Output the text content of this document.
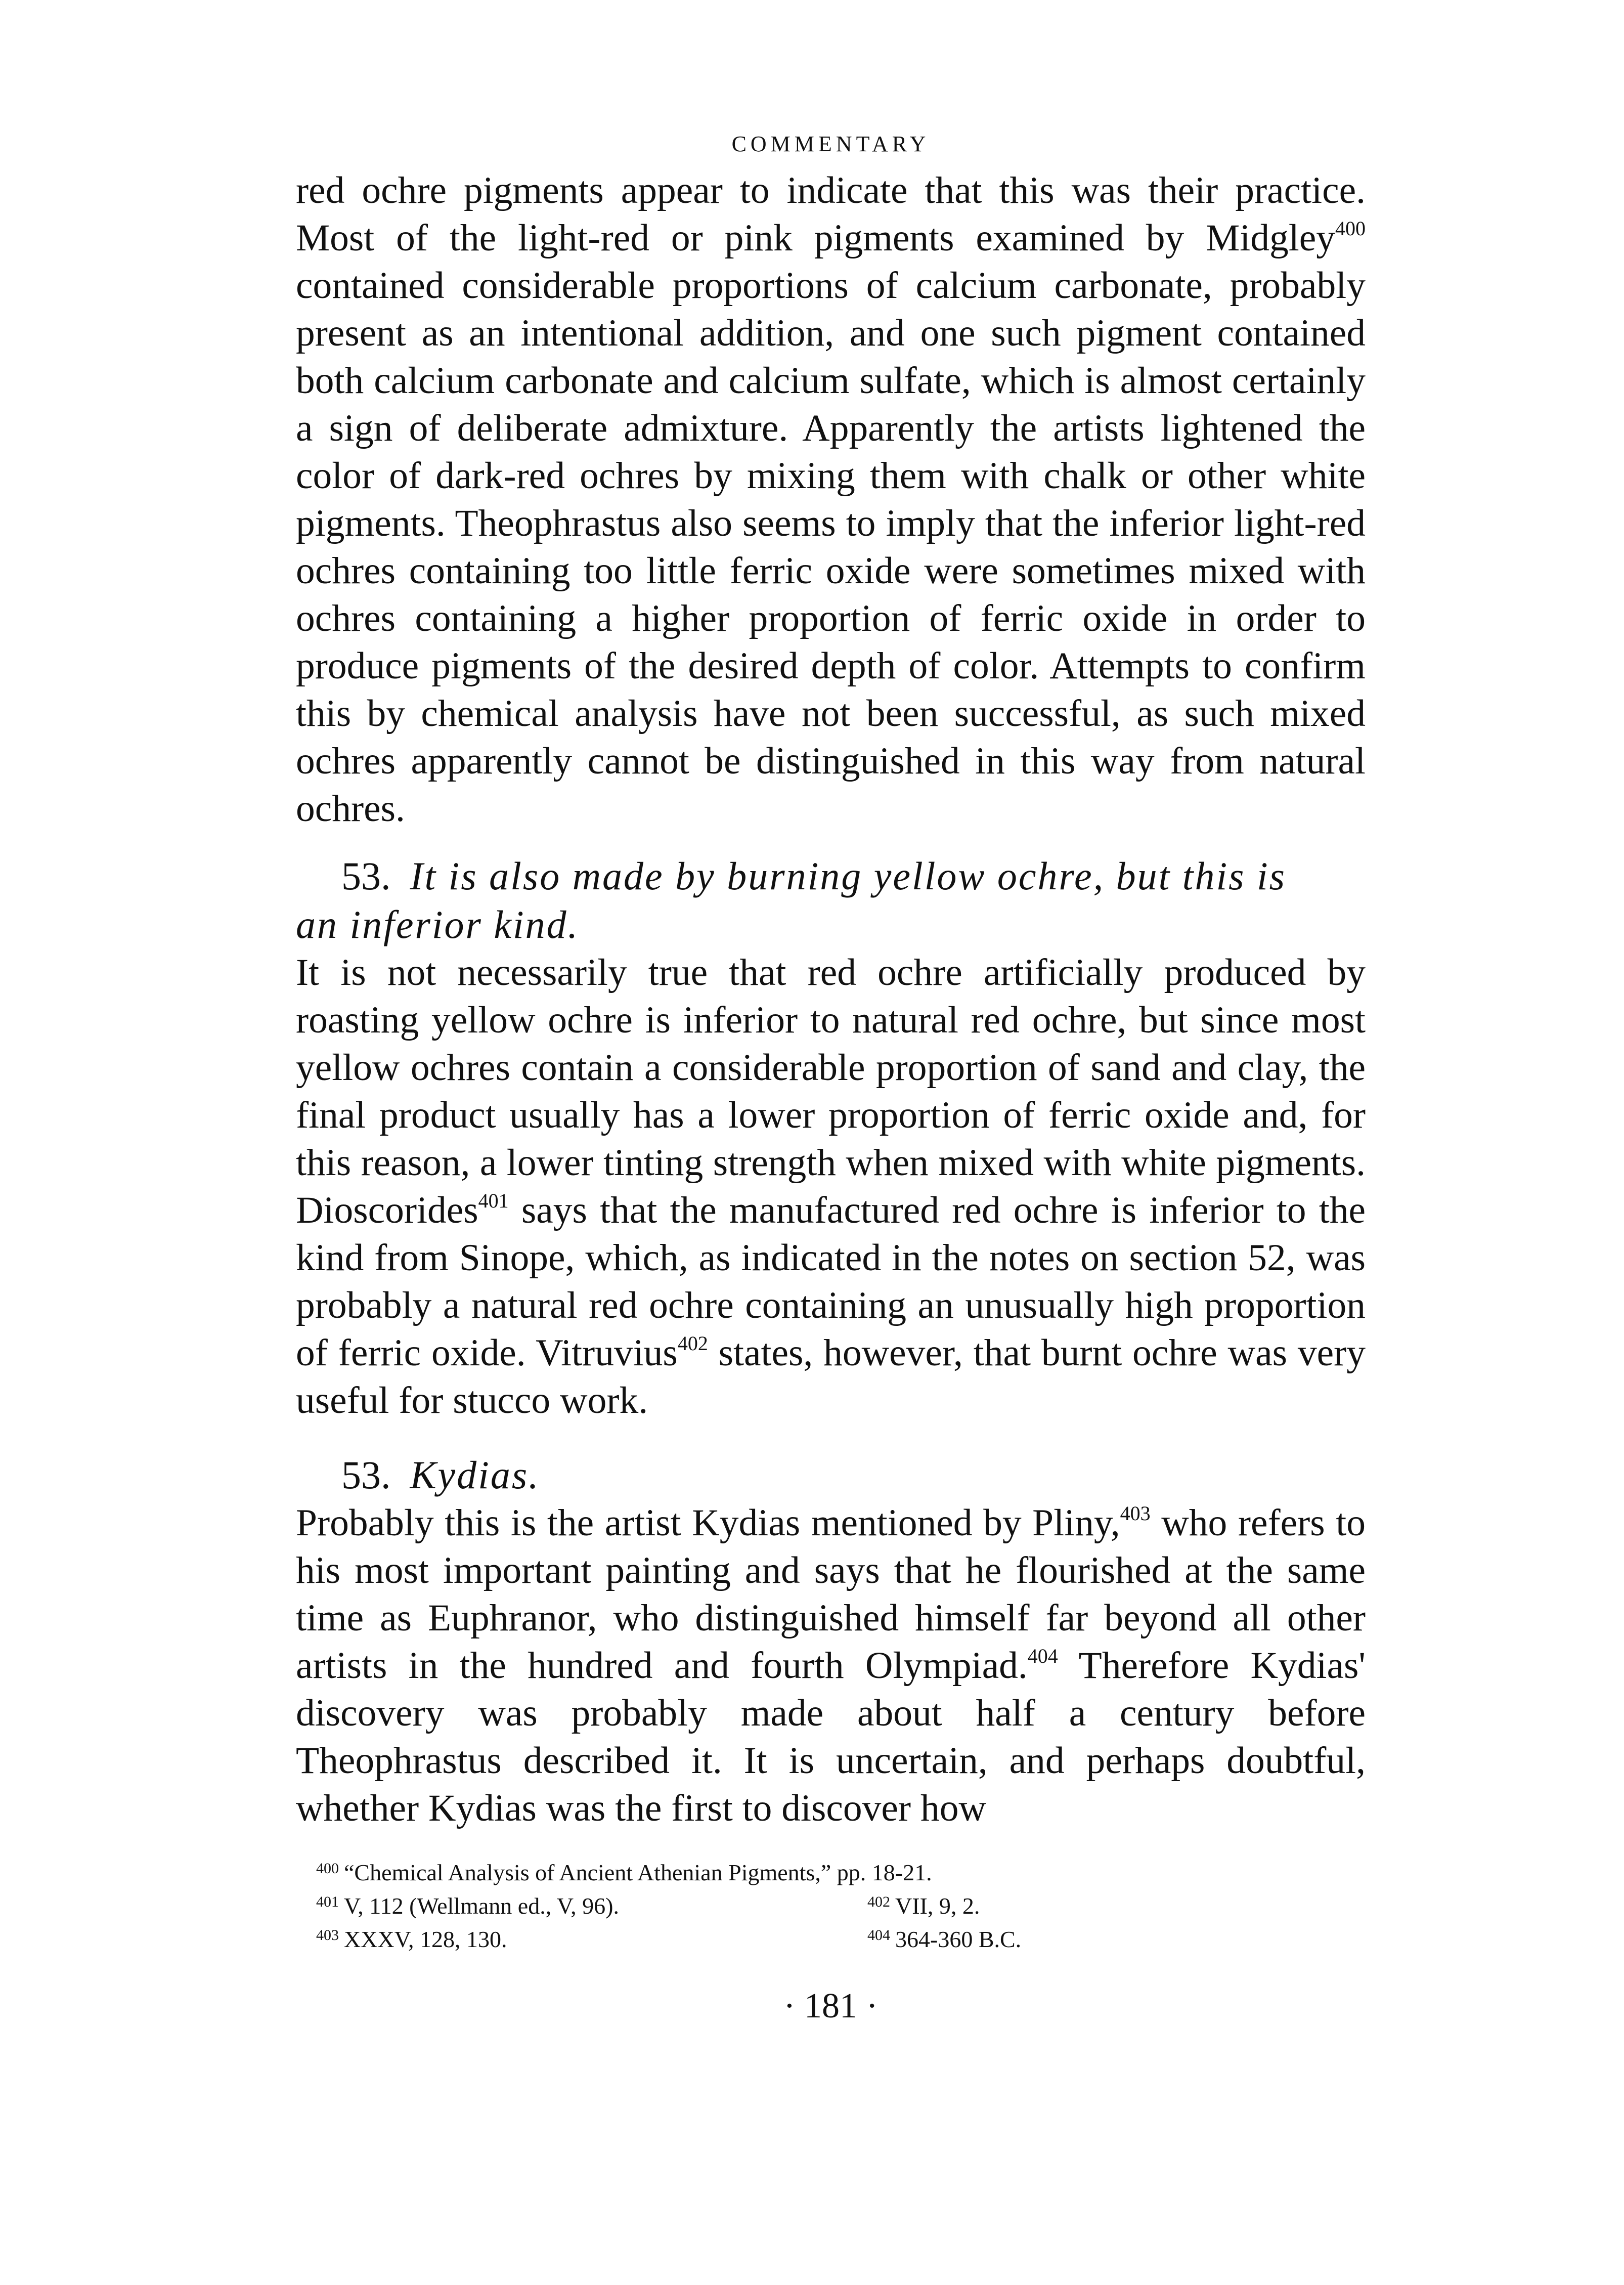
COMMENTARY

red ochre pigments appear to indicate that this was their practice. Most of the light-red or pink pigments examined by Midgley$^{400}$ contained considerable proportions of calcium carbonate, probably present as an intentional addition, and one such pigment contained both calcium carbonate and calcium sulfate, which is almost certainly a sign of deliberate admixture. Apparently the artists lightened the color of dark-red ochres by mixing them with chalk or other white pigments. Theophrastus also seems to imply that the inferior light-red ochres containing too little ferric oxide were sometimes mixed with ochres containing a higher proportion of ferric oxide in order to produce pigments of the desired depth of color. Attempts to confirm this by chemical analysis have not been successful, as such mixed ochres apparently cannot be distinguished in this way from natural ochres.

53. It is also made by burning yellow ochre, but this is
an inferior kind.

It is not necessarily true that red ochre artificially produced by roasting yellow ochre is inferior to natural red ochre, but since most yellow ochres contain a considerable proportion of sand and clay, the final product usually has a lower proportion of ferric oxide and, for this reason, a lower tinting strength when mixed with white pigments. Dioscorides$^{401}$ says that the manufactured red ochre is inferior to the kind from Sinope, which, as indicated in the notes on section 52, was probably a natural red ochre containing an unusually high proportion of ferric oxide. Vitruvius$^{402}$ states, however, that burnt ochre was very useful for stucco work.

53. Kydias.

Probably this is the artist Kydias mentioned by Pliny,$^{403}$ who refers to his most important painting and says that he flourished at the same time as Euphranor, who distinguished himself far beyond all other artists in the hundred and fourth Olympiad.$^{404}$ Therefore Kydias' discovery was probably made about half a century before Theophrastus described it. It is uncertain, and perhaps doubtful, whether Kydias was the first to discover how

$^{400}$ “Chemical Analysis of Ancient Athenian Pigments,” pp. 18-21.
$^{401}$ V, 112 (Wellmann ed., V, 96).	$^{402}$ VII, 9, 2.
$^{403}$ XXXV, 128, 130.	$^{404}$ 364-360 B.C.
· 181 ·
